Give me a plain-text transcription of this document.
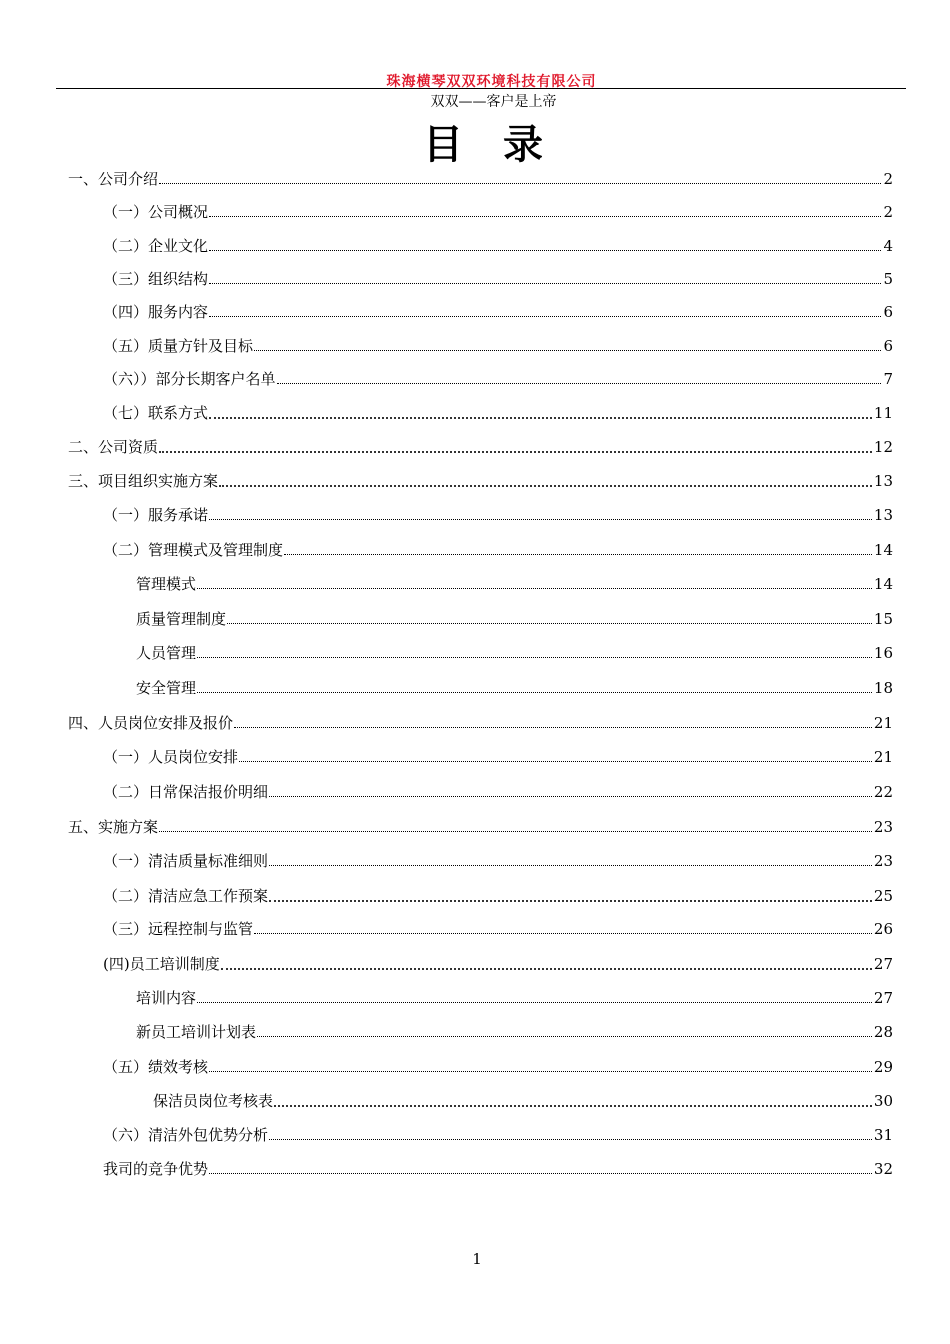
珠海横琴双双环境科技有限公司
双双——客户是上帝
目　录
一、公司介绍	2
（一）公司概况	2
（二）企业文化	4
（三）组织结构	5
（四）服务内容	6
（五）质量方针及目标	6
（六））部分长期客户名单	7
（七）联系方式	11
二、公司资质	12
三、项目组织实施方案	13
（一）服务承诺	13
（二）管理模式及管理制度	14
管理模式	14
质量管理制度	15
人员管理	16
安全管理	18
四、人员岗位安排及报价	21
（一）人员岗位安排	21
（二）日常保洁报价明细	22
五、实施方案	23
（一）清洁质量标准细则	23
（二）清洁应急工作预案	25
（三）远程控制与监管	26
(四)员工培训制度	27
培训内容	27
新员工培训计划表	28
（五）绩效考核	29
保洁员岗位考核表	30
（六）清洁外包优势分析	31
我司的竞争优势	32
1
